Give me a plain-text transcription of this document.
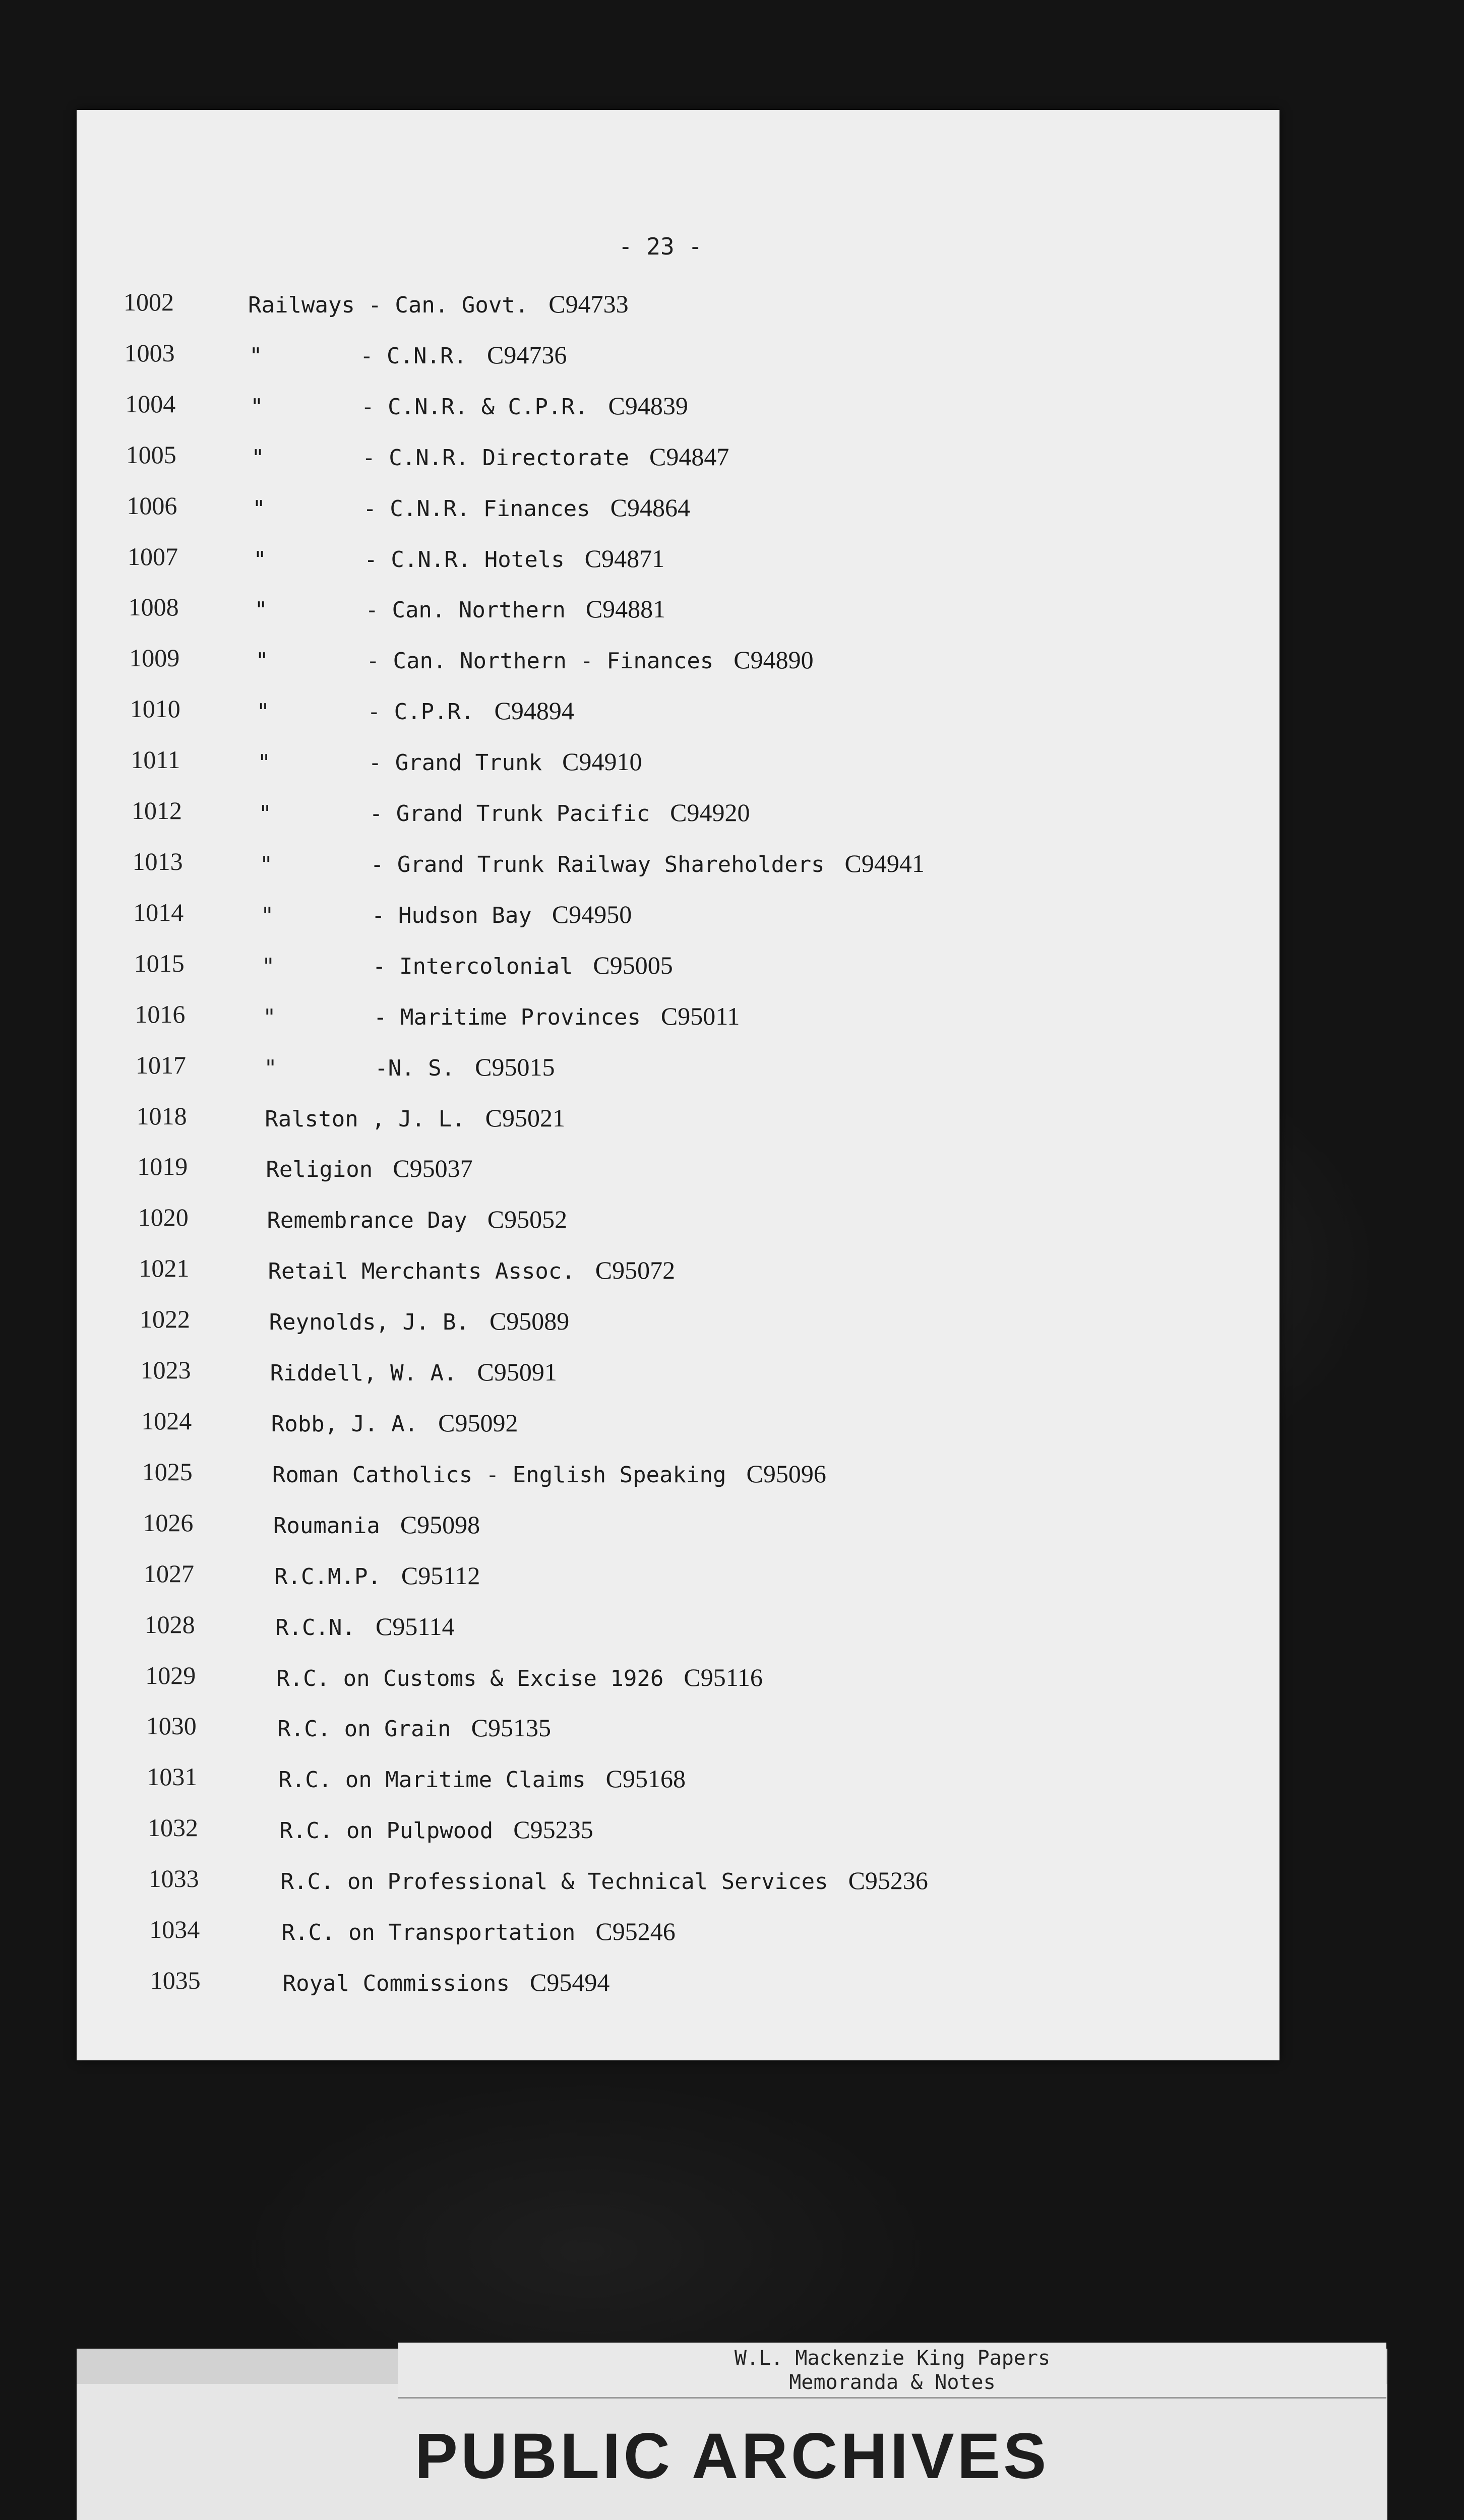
- 23 -
1002	Railways - Can. Govt. C94733
1003	"	- C.N.R. C94736
1004	"	- C.N.R. & C.P.R. C94839
1005	"	- C.N.R. Directorate C94847
1006	"	- C.N.R. Finances C94864
1007	"	- C.N.R. Hotels C94871
1008	"	- Can. Northern C94881
1009	"	- Can. Northern - Finances C94890
1010	"	- C.P.R. C94894
1011	"	- Grand Trunk C94910
1012	"	- Grand Trunk Pacific C94920
1013	"	- Grand Trunk Railway Shareholders C94941
1014	"	- Hudson Bay C94950
1015	"	- Intercolonial C95005
1016	"	- Maritime Provinces C95011
1017	"	-N. S. C95015
1018	Ralston , J. L. C95021
1019	Religion C95037
1020	Remembrance Day C95052
1021	Retail Merchants Assoc. C95072
1022	Reynolds, J. B. C95089
1023	Riddell, W. A. C95091
1024	Robb, J. A. C95092
1025	Roman Catholics - English Speaking C95096
1026	Roumania C95098
1027	R.C.M.P. C95112
1028	R.C.N. C95114
1029	R.C. on Customs & Excise 1926 C95116
1030	R.C. on Grain C95135
1031	R.C. on Maritime Claims C95168
1032	R.C. on Pulpwood C95235
1033	R.C. on Professional & Technical Services C95236
1034	R.C. on Transportation C95246
1035	Royal Commissions C95494
W.L. Mackenzie King Papers
Memoranda & Notes
PUBLIC ARCHIVES
